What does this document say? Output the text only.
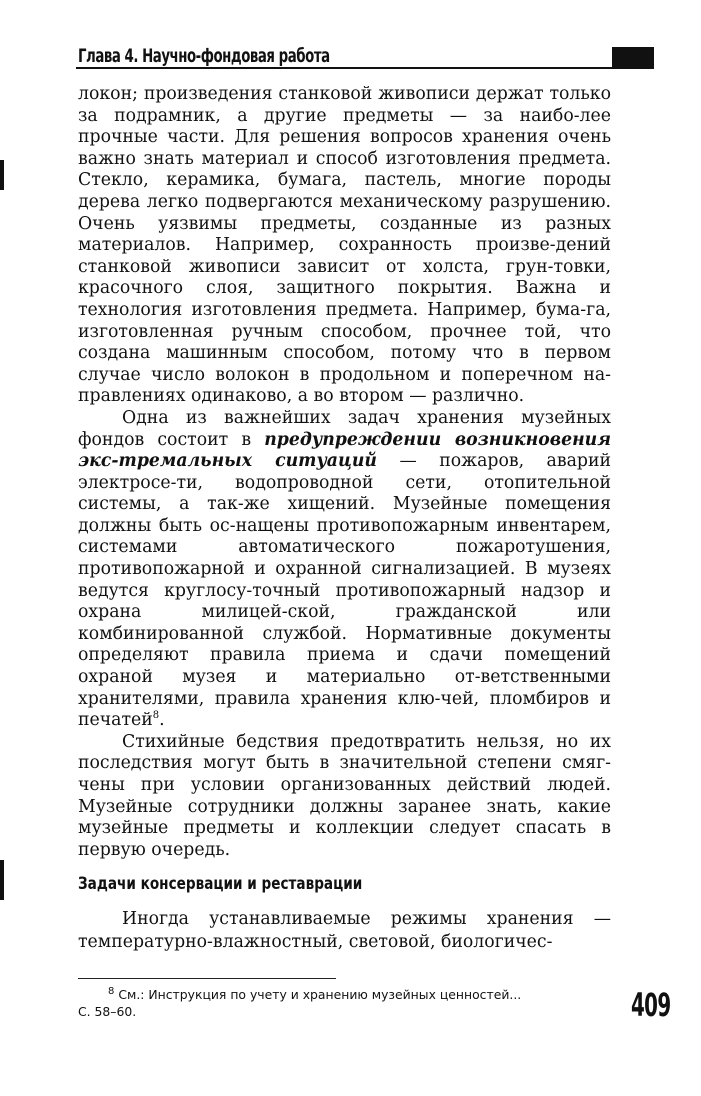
Глава 4. Научно-фондовая работа

локон; произведения станковой живописи держат только за подрамник, а другие предметы — за наибо-лее прочные части. Для решения вопросов хранения очень важно знать материал и способ изготовления предмета. Стекло, керамика, бумага, пастель, многие породы дерева легко подвергаются механическому разрушению. Очень уязвимы предметы, созданные из разных материалов. Например, сохранность произве-дений станковой живописи зависит от холста, грун-товки, красочного слоя, защитного покрытия. Важна и технология изготовления предмета. Например, бума-га, изготовленная ручным способом, прочнее той, что создана машинным способом, потому что в первом случае число волокон в продольном и поперечном на-правлениях одинаково, а во втором — различно.

Одна из важнейших задач хранения музейных фондов состоит в предупреждении возникновения экс-тремальных ситуаций — пожаров, аварий электросе-ти, водопроводной сети, отопительной системы, а так-же хищений. Музейные помещения должны быть ос-нащены противопожарным инвентарем, системами автоматического пожаротушения, противопожарной и охранной сигнализацией. В музеях ведутся круглосу-точный противопожарный надзор и охрана милицей-ской, гражданской или комбинированной службой. Нормативные документы определяют правила приема и сдачи помещений охраной музея и материально от-ветственными хранителями, правила хранения клю-чей, пломбиров и печатей$^8$.

Стихийные бедствия предотвратить нельзя, но их последствия могут быть в значительной степени смяг-чены при условии организованных действий людей. Музейные сотрудники должны заранее знать, какие музейные предметы и коллекции следует спасать в первую очередь.

Задачи консервации и реставрации

Иногда устанавливаемые режимы хранения — температурно-влажностный, световой, биологичес-

$^8$ См.: Инструкция по учету и хранению музейных ценностей...
С. 58–60.	409
